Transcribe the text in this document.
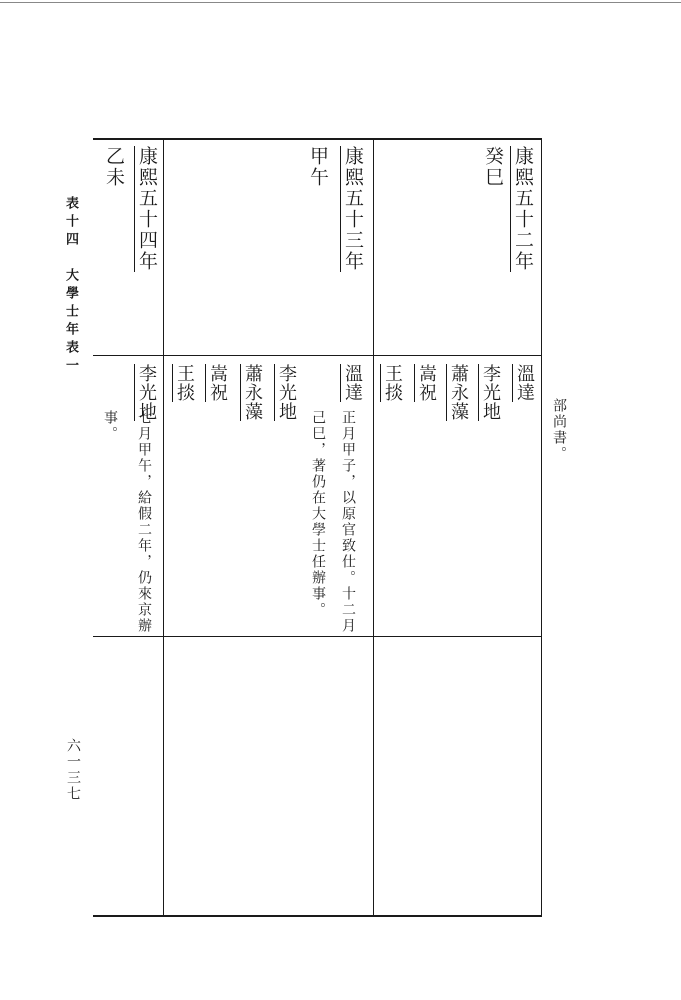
表十四　大學士年表一
六一三七
部尚書。
康熙五十二年
癸巳
溫達
李光地
蕭永藻
嵩祝
王掞
康熙五十三年
甲午
溫達
正月甲子，以原官致仕。十二月
己巳，著仍在大學士任辦事。
李光地
蕭永藻
嵩祝
王掞
康熙五十四年
乙未
李光地
七月甲午，給假二年，仍來京辦
事。
